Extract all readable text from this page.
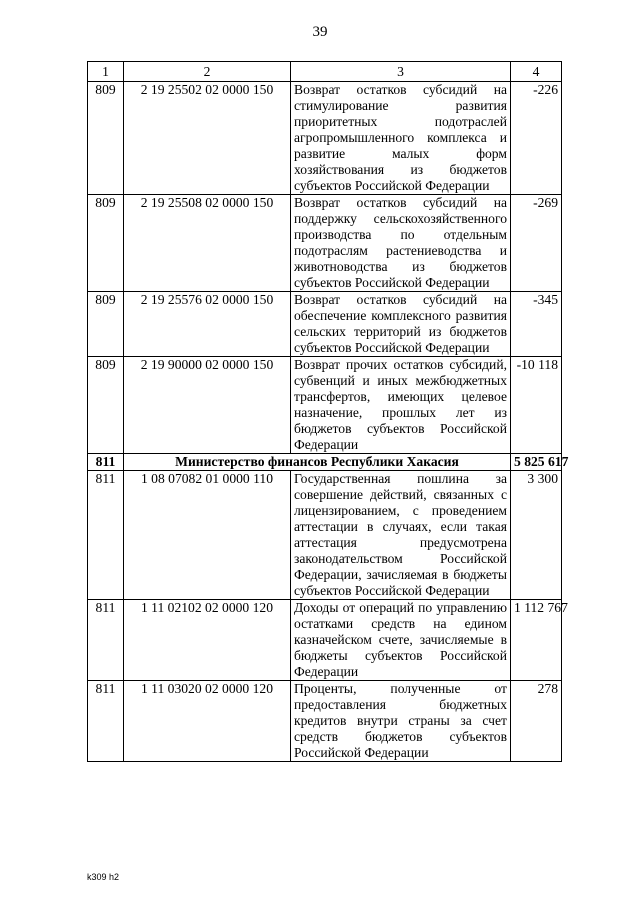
39
1	2	3	4
809	2 19 25502 02 0000 150	Возврат остатков субсидий на стимулирование развития приоритетных подотраслей агропромышленного комплекса и развитие малых форм хозяйствования из бюджетов субъектов Российской Федерации	-226
809	2 19 25508 02 0000 150	Возврат остатков субсидий на поддержку сельскохозяйственного производства по отдельным подотраслям растениеводства и животноводства из бюджетов субъектов Российской Федерации	-269
809	2 19 25576 02 0000 150	Возврат остатков субсидий на обеспечение комплексного развития сельских территорий из бюджетов субъектов Российской Федерации	-345
809	2 19 90000 02 0000 150	Возврат прочих остатков субсидий, субвенций и иных межбюджетных трансфертов, имеющих целевое назначение, прошлых лет из бюджетов субъектов Российской Федерации	-10 118
811	Министерство финансов Республики Хакасия		5 825 617
811	1 08 07082 01 0000 110	Государственная пошлина за совершение действий, связанных с лицензированием, с проведением аттестации в случаях, если такая аттестация предусмотрена законодательством Российской Федерации, зачисляемая в бюджеты субъектов Российской Федерации	3 300
811	1 11 02102 02 0000 120	Доходы от операций по управлению остатками средств на едином казначейском счете, зачисляемые в бюджеты субъектов Российской Федерации	1 112 767
811	1 11 03020 02 0000 120	Проценты, полученные от предоставления бюджетных кредитов внутри страны за счет средств бюджетов субъектов Российской Федерации	278
k309 h2
